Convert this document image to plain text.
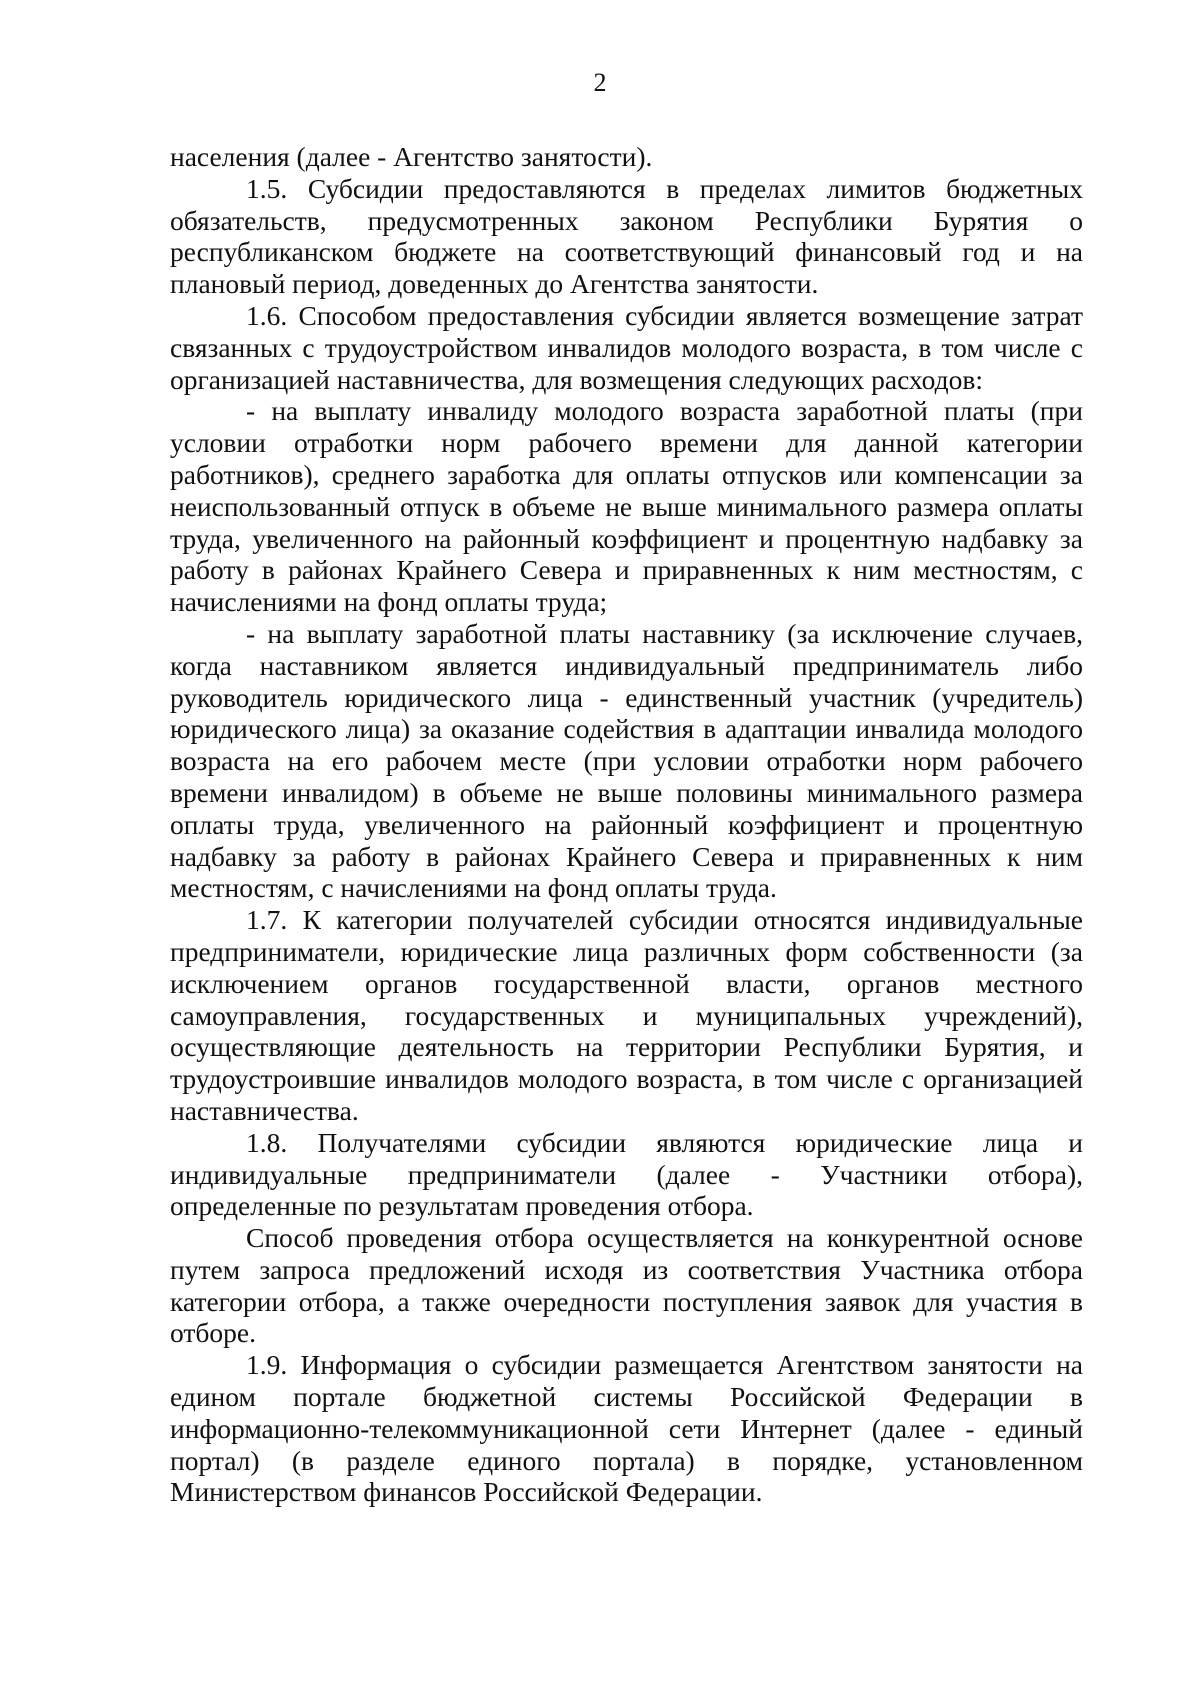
2

населения (далее - Агентство занятости).

1.5. Субсидии предоставляются в пределах лимитов бюджетных обязательств, предусмотренных законом Республики Бурятия о республиканском бюджете на соответствующий финансовый год и на плановый период, доведенных до Агентства занятости.

1.6. Способом предоставления субсидии является возмещение затрат связанных с трудоустройством инвалидов молодого возраста, в том числе с организацией наставничества, для возмещения следующих расходов:

- на выплату инвалиду молодого возраста заработной платы (при условии отработки норм рабочего времени для данной категории работников), среднего заработка для оплаты отпусков или компенсации за неиспользованный отпуск в объеме не выше минимального размера оплаты труда, увеличенного на районный коэффициент и процентную надбавку за работу в районах Крайнего Севера и приравненных к ним местностям, с начислениями на фонд оплаты труда;

- на выплату заработной платы наставнику (за исключение случаев, когда наставником является индивидуальный предприниматель либо руководитель юридического лица - единственный участник (учредитель) юридического лица) за оказание содействия в адаптации инвалида молодого возраста на его рабочем месте (при условии отработки норм рабочего времени инвалидом) в объеме не выше половины минимального размера оплаты труда, увеличенного на районный коэффициент и процентную надбавку за работу в районах Крайнего Севера и приравненных к ним местностям, с начислениями на фонд оплаты труда.

1.7. К категории получателей субсидии относятся индивидуальные предприниматели, юридические лица различных форм собственности (за исключением органов государственной власти, органов местного самоуправления, государственных и муниципальных учреждений), осуществляющие деятельность на территории Республики Бурятия, и трудоустроившие инвалидов молодого возраста, в том числе с организацией наставничества.

1.8. Получателями субсидии являются юридические лица и индивидуальные предприниматели (далее - Участники отбора), определенные по результатам проведения отбора.

Способ проведения отбора осуществляется на конкурентной основе путем запроса предложений исходя из соответствия Участника отбора категории отбора, а также очередности поступления заявок для участия в отборе.

1.9. Информация о субсидии размещается Агентством занятости на едином портале бюджетной системы Российской Федерации в информационно-телекоммуникационной сети Интернет (далее - единый портал) (в разделе единого портала) в порядке, установленном Министерством финансов Российской Федерации.
